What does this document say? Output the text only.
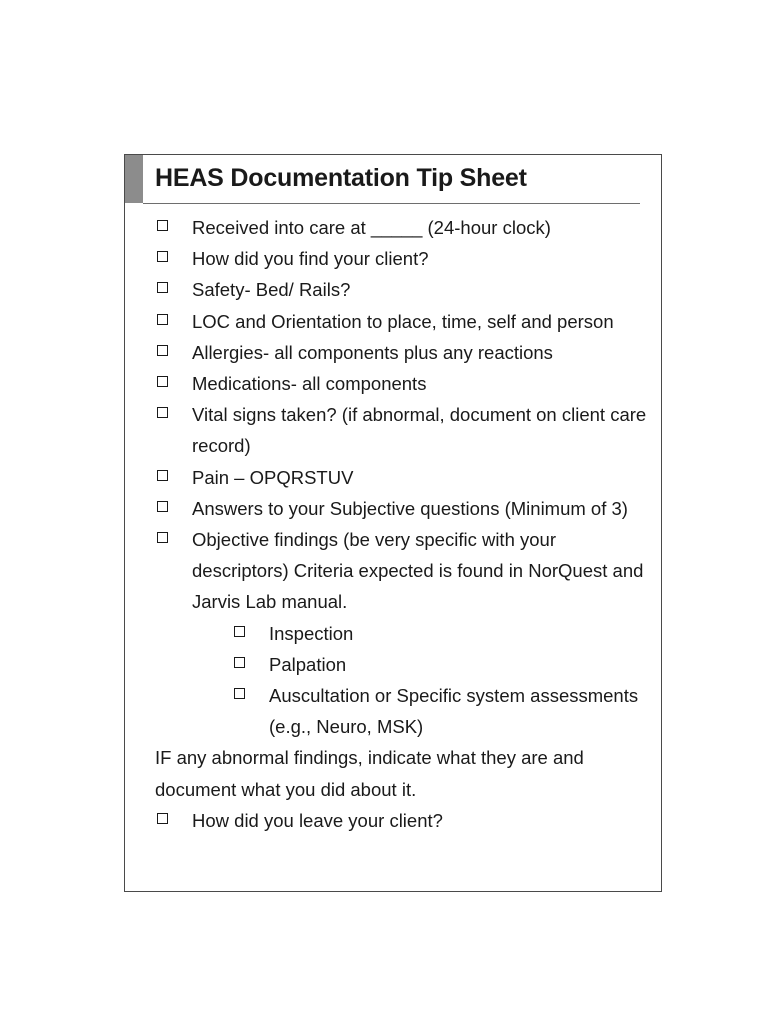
HEAS Documentation Tip Sheet
Received into care at _____ (24-hour clock)
How did you find your client?
Safety- Bed/ Rails?
LOC and Orientation to place, time, self and person
Allergies- all components plus any reactions
Medications- all components
Vital signs taken? (if abnormal, document on client care record)
Pain – OPQRSTUV
Answers to your Subjective questions (Minimum of 3)
Objective findings (be very specific with your descriptors) Criteria expected is found in NorQuest and Jarvis Lab manual.
Inspection
Palpation
Auscultation or Specific system assessments (e.g., Neuro, MSK)
IF any abnormal findings, indicate what they are and document what you did about it.
How did you leave your client?
